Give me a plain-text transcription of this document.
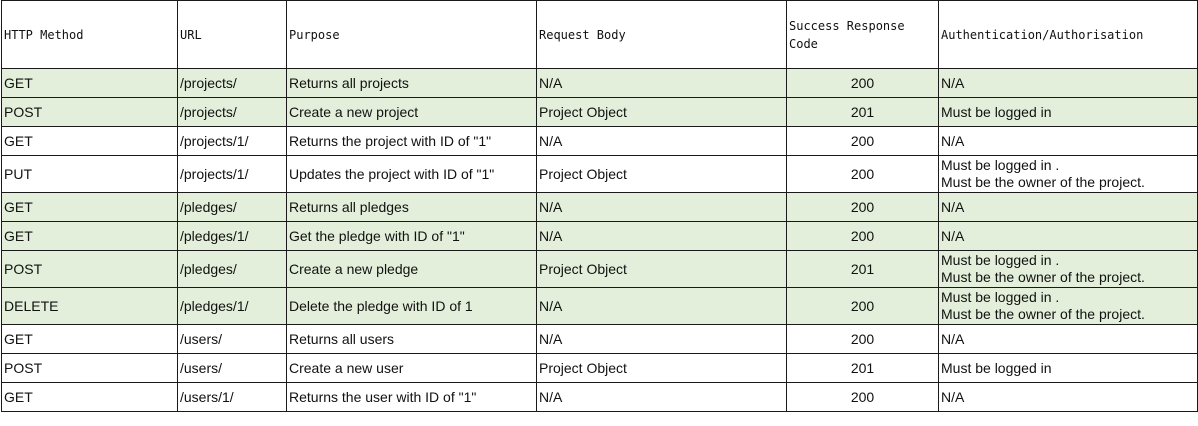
HTTP Method	URL	Purpose	Request Body	Success Response Code	Authentication/Authorisation
GET	/projects/	Returns all projects	N/A	200	N/A

POST	/projects/	Create a new project	Project Object	201	Must be logged in

GET	/projects/1/	Returns the project with ID of "1"	N/A	200	N/A

PUT	/projects/1/	Updates the project with ID of "1"	Project Object	200	Must be logged in .
Must be the owner of the project.

GET	/pledges/	Returns all pledges	N/A	200	N/A

GET	/pledges/1/	Get the pledge with ID of "1"	N/A	200	N/A

POST	/pledges/	Create a new pledge	Project Object	201	Must be logged in .
Must be the owner of the project.

DELETE	/pledges/1/	Delete the pledge with ID of 1	N/A	200	Must be logged in .
Must be the owner of the project.

GET	/users/	Returns all users	N/A	200	N/A

POST	/users/	Create a new user	Project Object	201	Must be logged in

GET	/users/1/	Returns the user with ID of "1"	N/A	200	N/A
